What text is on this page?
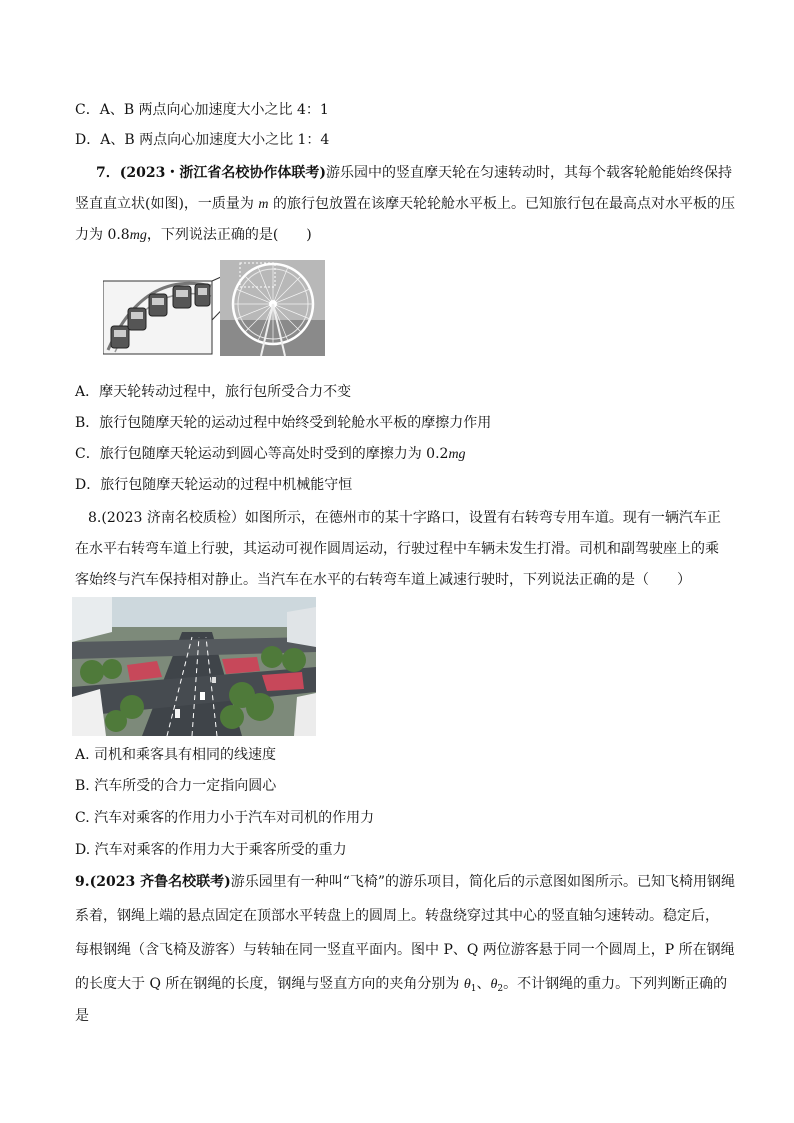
C．A、B 两点向心加速度大小之比 4：1
D．A、B 两点向心加速度大小之比 1：4
7．(2023・浙江省名校协作体联考)游乐园中的竖直摩天轮在匀速转动时，其每个载客轮舱能始终保持
竖直直立状(如图)，一质量为 m 的旅行包放置在该摩天轮轮舱水平板上。已知旅行包在最高点对水平板的压
力为 0.8mg，下列说法正确的是(　　)
A．摩天轮转动过程中，旅行包所受合力不变
B．旅行包随摩天轮的运动过程中始终受到轮舱水平板的摩擦力作用
C．旅行包随摩天轮运动到圆心等高处时受到的摩擦力为 0.2mg
D．旅行包随摩天轮运动的过程中机械能守恒
8.(2023 济南名校质检）如图所示，在德州市的某十字路口，设置有右转弯专用车道。现有一辆汽车正
在水平右转弯车道上行驶，其运动可视作圆周运动，行驶过程中车辆未发生打滑。司机和副驾驶座上的乘
客始终与汽车保持相对静止。当汽车在水平的右转弯车道上减速行驶时，下列说法正确的是（　　）
A. 司机和乘客具有相同的线速度
B. 汽车所受的合力一定指向圆心
C. 汽车对乘客的作用力小于汽车对司机的作用力
D. 汽车对乘客的作用力大于乘客所受的重力
9.(2023 齐鲁名校联考)游乐园里有一种叫“飞椅”的游乐项目，简化后的示意图如图所示。已知飞椅用钢绳
系着，钢绳上端的悬点固定在顶部水平转盘上的圆周上。转盘绕穿过其中心的竖直轴匀速转动。稳定后，
每根钢绳（含飞椅及游客）与转轴在同一竖直平面内。图中 P、Q 两位游客悬于同一个圆周上，P 所在钢绳
的长度大于 Q 所在钢绳的长度，钢绳与竖直方向的夹角分别为 $\theta_1$、$\theta_2$。不计钢绳的重力。下列判断正确的
是
